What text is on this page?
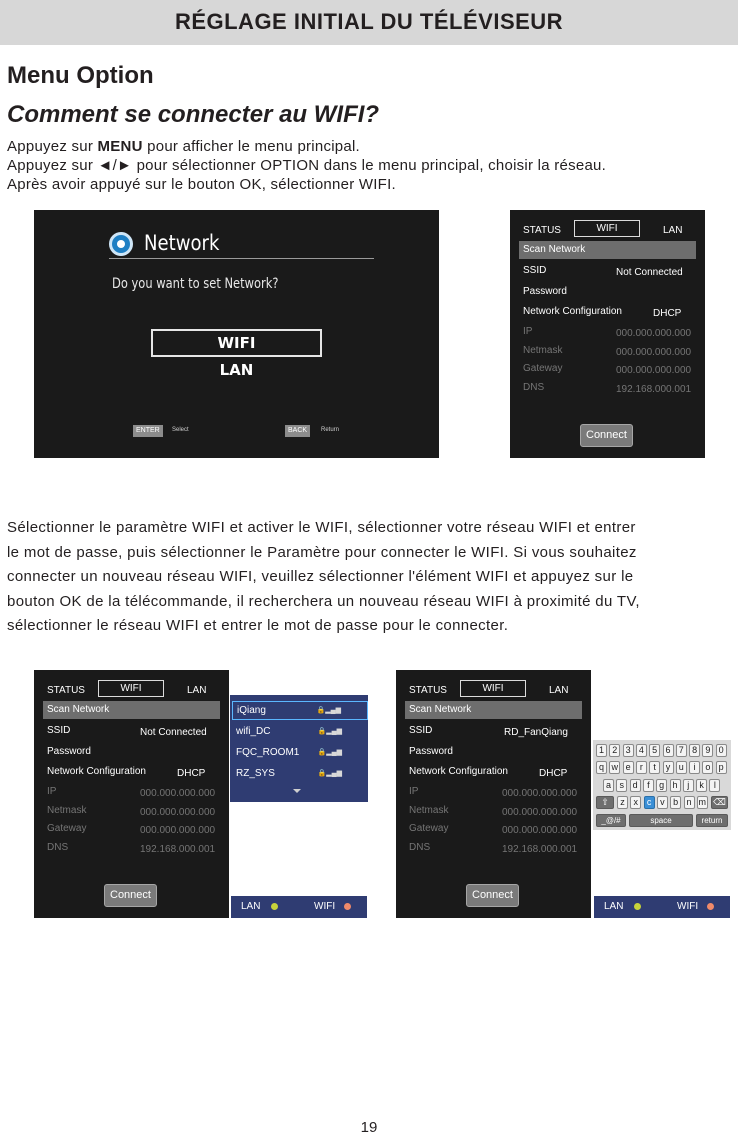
RÉGLAGE INITIAL DU TÉLÉVISEUR
Menu Option
Comment se connecter au WIFI?

Appuyez sur MENU pour afficher le menu principal.

Appuyez sur ◄/► pour sélectionner OPTION dans le menu principal, choisir la réseau.

Après avoir appuyé sur le bouton OK, sélectionner WIFI.

Network
Do you want to set Network?
WIFI
LAN
ENTER	Select	BACK	Return
STATUS	WIFI	LAN
Scan Network
SSID	Not Connected
Password
Network Configuration	DHCP
IP	000.000.000.000
Netmask	000.000.000.000
Gateway	000.000.000.000
DNS	192.168.000.001
Connect

Sélectionner le paramètre WIFI et activer le WIFI, sélectionner votre réseau WIFI et entrer

le mot de passe, puis sélectionner le Paramètre pour connecter le WIFI. Si vous souhaitez

connecter un nouveau réseau WIFI, veuillez sélectionner l'élément WIFI et appuyez sur le

bouton OK de la télécommande, il recherchera un nouveau réseau WIFI à proximité du TV,

sélectionner le réseau WIFI et entrer le mot de passe pour le connecter.

STATUS	WIFI	LAN
Scan Network
SSID	Not Connected
Password
Network Configuration	DHCP
IP	000.000.000.000
Netmask	000.000.000.000
Gateway	000.000.000.000
DNS	192.168.000.001
Connect
iQiang	🔒▂▄▆
wifi_DC	🔒▂▄▆
FQC_ROOM1	🔒▂▄▆
RZ_SYS	🔒▂▄▆
LAN	WIFI
STATUS	WIFI	LAN
Scan Network
SSID	RD_FanQiang
Password
Network Configuration	DHCP
IP	000.000.000.000
Netmask	000.000.000.000
Gateway	000.000.000.000
DNS	192.168.000.001
Connect
1 2 3 4 5 6 7 8 9 0
q w e	r	t	y u	i	o p
a s d	f	g h	j	k	l
⇧	z x c v b n m ⌫
_@/#	space	return
LAN	WIFI
19
